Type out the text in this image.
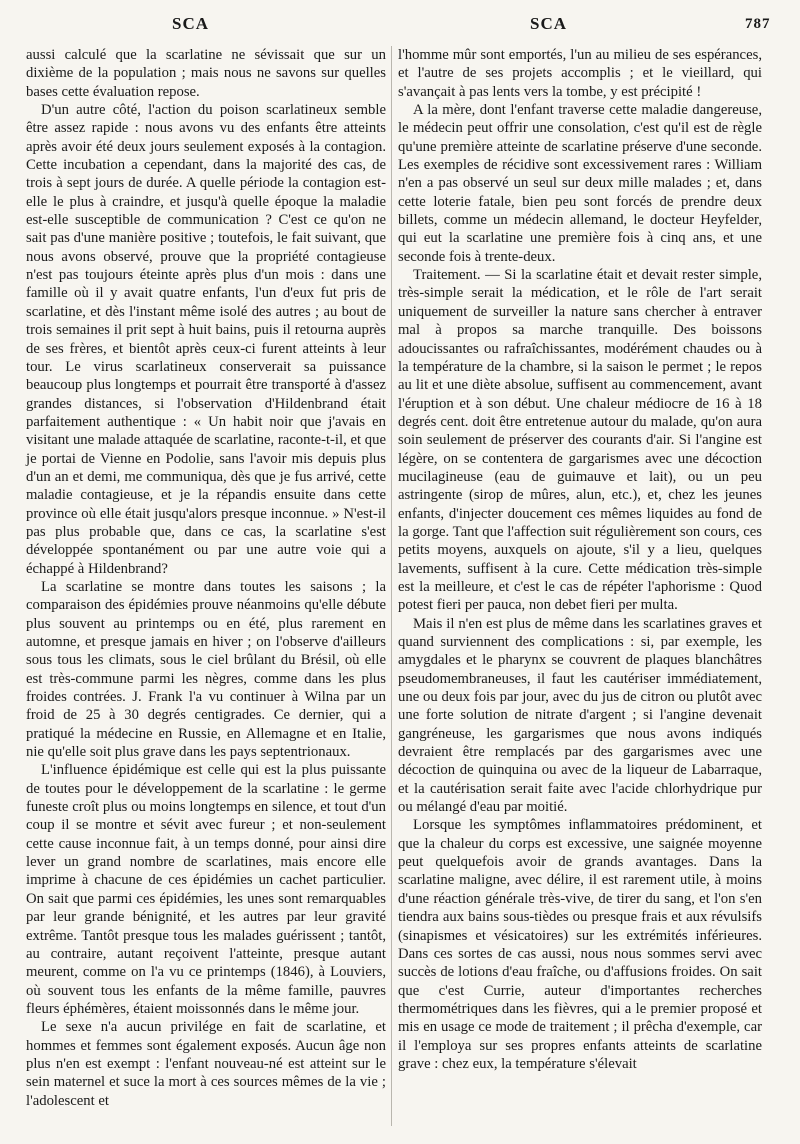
SCA	SCA	787

aussi calculé que la scarlatine ne sévissait que sur un dixième de la population ; mais nous ne savons sur quelles bases cette évaluation repose.

D'un autre côté, l'action du poison scarlatineux semble être assez rapide : nous avons vu des enfants être atteints après avoir été deux jours seulement exposés à la contagion. Cette incubation a cependant, dans la majorité des cas, de trois à sept jours de durée. A quelle période la contagion est-elle le plus à craindre, et jusqu'à quelle époque la maladie est-elle susceptible de communication ? C'est ce qu'on ne sait pas d'une manière positive ; toutefois, le fait suivant, que nous avons observé, prouve que la propriété contagieuse n'est pas toujours éteinte après plus d'un mois : dans une famille où il y avait quatre enfants, l'un d'eux fut pris de scarlatine, et dès l'instant même isolé des autres ; au bout de trois semaines il prit sept à huit bains, puis il retourna auprès de ses frères, et bientôt après ceux-ci furent atteints à leur tour. Le virus scarlatineux conserverait sa puissance beaucoup plus longtemps et pourrait être transporté à d'assez grandes distances, si l'observation d'Hildenbrand était parfaitement authentique : « Un habit noir que j'avais en visitant une malade attaquée de scarlatine, raconte-t-il, et que je portai de Vienne en Podolie, sans l'avoir mis depuis plus d'un an et demi, me communiqua, dès que je fus arrivé, cette maladie contagieuse, et je la répandis ensuite dans cette province où elle était jusqu'alors presque inconnue. » N'est-il pas plus probable que, dans ce cas, la scarlatine s'est développée spontanément ou par une autre voie qui a échappé à Hildenbrand?

La scarlatine se montre dans toutes les saisons ; la comparaison des épidémies prouve néanmoins qu'elle débute plus souvent au printemps ou en été, plus rarement en automne, et presque jamais en hiver ; on l'observe d'ailleurs sous tous les climats, sous le ciel brûlant du Brésil, où elle est très-commune parmi les nègres, comme dans les plus froides contrées. J. Frank l'a vu continuer à Wilna par un froid de 25 à 30 degrés centigrades. Ce dernier, qui a pratiqué la médecine en Russie, en Allemagne et en Italie, nie qu'elle soit plus grave dans les pays septentrionaux.

L'influence épidémique est celle qui est la plus puissante de toutes pour le développement de la scarlatine : le germe funeste croît plus ou moins longtemps en silence, et tout d'un coup il se montre et sévit avec fureur ; et non-seulement cette cause inconnue fait, à un temps donné, pour ainsi dire lever un grand nombre de scarlatines, mais encore elle imprime à chacune de ces épidémies un cachet particulier. On sait que parmi ces épidémies, les unes sont remarquables par leur grande bénignité, et les autres par leur gravité extrême. Tantôt presque tous les malades guérissent ; tantôt, au contraire, autant reçoivent l'atteinte, presque autant meurent, comme on l'a vu ce printemps (1846), à Louviers, où souvent tous les enfants de la même famille, pauvres fleurs éphémères, étaient moissonnés dans le même jour.

Le sexe n'a aucun privilége en fait de scarlatine, et hommes et femmes sont également exposés. Aucun âge non plus n'en est exempt : l'enfant nouveau-né est atteint sur le sein maternel et suce la mort à ces sources mêmes de la vie ; l'adolescent et

l'homme mûr sont emportés, l'un au milieu de ses espérances, et l'autre de ses projets accomplis ; et le vieillard, qui s'avançait à pas lents vers la tombe, y est précipité !

A la mère, dont l'enfant traverse cette maladie dangereuse, le médecin peut offrir une consolation, c'est qu'il est de règle qu'une première atteinte de scarlatine préserve d'une seconde. Les exemples de récidive sont excessivement rares : William n'en a pas observé un seul sur deux mille malades ; et, dans cette loterie fatale, bien peu sont forcés de prendre deux billets, comme un médecin allemand, le docteur Heyfelder, qui eut la scarlatine une première fois à cinq ans, et une seconde fois à trente-deux.

Traitement. — Si la scarlatine était et devait rester simple, très-simple serait la médication, et le rôle de l'art serait uniquement de surveiller la nature sans chercher à entraver mal à propos sa marche tranquille. Des boissons adoucissantes ou rafraîchissantes, modérément chaudes ou à la température de la chambre, si la saison le permet ; le repos au lit et une diète absolue, suffisent au commencement, avant l'éruption et à son début. Une chaleur médiocre de 16 à 18 degrés cent. doit être entretenue autour du malade, qu'on aura soin seulement de préserver des courants d'air. Si l'angine est légère, on se contentera de gargarismes avec une décoction mucilagineuse (eau de guimauve et lait), ou un peu astringente (sirop de mûres, alun, etc.), et, chez les jeunes enfants, d'injecter doucement ces mêmes liquides au fond de la gorge. Tant que l'affection suit régulièrement son cours, ces petits moyens, auxquels on ajoute, s'il y a lieu, quelques lavements, suffisent à la cure. Cette médication très-simple est la meilleure, et c'est le cas de répéter l'aphorisme : Quod potest fieri per pauca, non debet fieri per multa.

Mais il n'en est plus de même dans les scarlatines graves et quand surviennent des complications : si, par exemple, les amygdales et le pharynx se couvrent de plaques blanchâtres pseudomembraneuses, il faut les cautériser immédiatement, une ou deux fois par jour, avec du jus de citron ou plutôt avec une forte solution de nitrate d'argent ; si l'angine devenait gangréneuse, les gargarismes que nous avons indiqués devraient être remplacés par des gargarismes avec une décoction de quinquina ou avec de la liqueur de Labarraque, et la cautérisation serait faite avec l'acide chlorhydrique pur ou mélangé d'eau par moitié.

Lorsque les symptômes inflammatoires prédominent, et que la chaleur du corps est excessive, une saignée moyenne peut quelquefois avoir de grands avantages. Dans la scarlatine maligne, avec délire, il est rarement utile, à moins d'une réaction générale très-vive, de tirer du sang, et l'on s'en tiendra aux bains sous-tièdes ou presque frais et aux révulsifs (sinapismes et vésicatoires) sur les extrémités inférieures. Dans ces sortes de cas aussi, nous nous sommes servi avec succès de lotions d'eau fraîche, ou d'affusions froides. On sait que c'est Currie, auteur d'importantes recherches thermométriques dans les fièvres, qui a le premier proposé et mis en usage ce mode de traitement ; il prêcha d'exemple, car il l'employa sur ses propres enfants atteints de scarlatine grave : chez eux, la température s'élevait
